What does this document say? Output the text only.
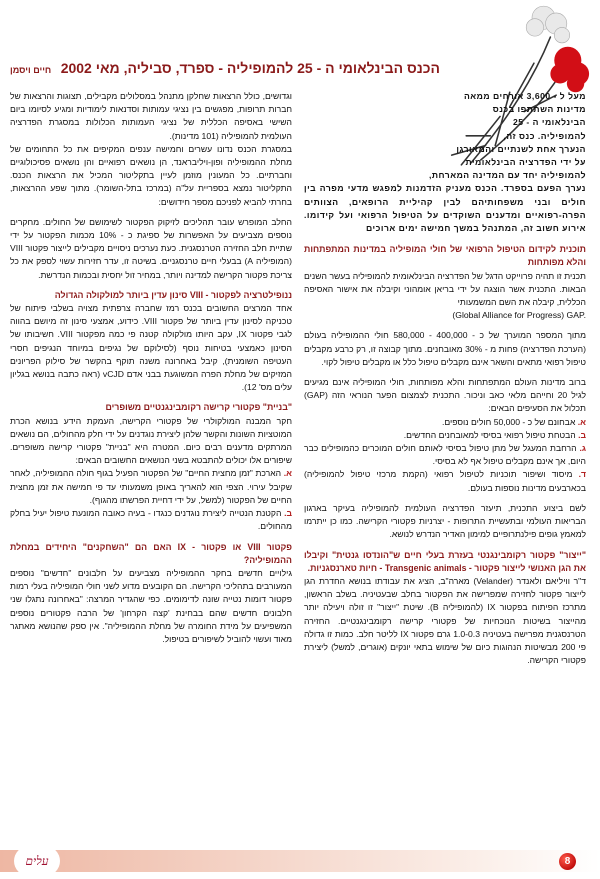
הכנס הבינלאומי ה - 25 להמופיליה - ספרד, סביליה, מאי 2002
חיים ויסמן
מעל ל - 3,600 אורחים ממאה
מדינות השתתפו בכנס
הבינלאומי ה - 25
להמופיליה. כנס זה,
הנערך אחת לשנתיים והמאורגן
על ידי הפדרציה הבינלאומית
להמופיליה יחד עם המדינה המארחת,

נערך הפעם בספרד. הכנס מעניק הזדמנות למפגש מדעי מפרה בין חולים ובני משפחותיהם לבין קהיליית הרופאים, הצוותים הפרה-רפואיים ומדענים השוקדים על הטיפול הרפואי ועל קידומו. אירוע חשוב זה, המתנהל במשך חמישה ימים ארוכים

תוכנית לקידום הטיפול הרפואי של חולי המופיליה במדינות המתפתחות והלא מפותחות

תכנית זו תהיה פרוייקט הדגל של הפדרציה הבינלאומית להמופיליה בעשר השנים הבאות. התכנית אשר הוצגה על ידי בריאן אומהוני וקיבלה את אישור האסיפה הכללית, קיבלה את השם המשמעותי

(Global Alliance for Progress) GAP.

מתוך המספר המוערך של כ - 400,000 - 580,000 חולי ההמופיליה בעולם (הערכת הפדרציה) פחות מ - 30% מאובחנים. מתוך קבוצה זו, רק כרבע מקבלים טיפול רפואי מתאים והשאר אינם מקבלים טיפול כלל או מקבלים טיפול לקוי.

ברוב מדינות העולם המתפתחות והלא מפותחות, חולי המופיליה אינם מגיעים לגיל 20 וחייהם מלאי כאב וניכור. התכנית לצמצום הפער הנוראי הזה (GAP) תכלול את הסעיפים הבאים:

א. אבחונם של כ - 50,000 חולים נוספים.
ב. הבטחת טיפול רפואי בסיסי למאובחנים החדשים.
ג. הרחבת המעגל של מתן טיפול בסיסי לאותם חולים המוכרים כהמופילים כבר היום, אך אינם מקבלים טיפול אף לא בסיסי.
ד. מיסוד ושיפור תוכניות לטיפול רפואי (הקמת מרכזי טיפול להמופיליה) בכארבעים מדינות נוספות בעולם.

לשם ביצוע התכנית, תיעזר הפדרציה העולמית להמופיליה בעיקר בארגון הבריאות העולמי ובתעשיית התרופות - יצרניות פקטורי הקרישה. כמו כן ייתרמו למאמץ גופים פילנתרופיים למימון האדיר הנדרש לנושא.

"ייצור" פקטור רקומבינגנטי בעזרת בעלי חיים ש"הונדסו גנטית" וקיבלו את הגן האנושי לייצור פקטור - Transgenic animals - חיות טארנסגניות.

ד"ר וויליאם ולאנדר (Velander) מארה"ב, הציג את עבודתו בנושא החדרת הגן לייצור פקטור לחזירה שמפרישה את הפקטור בחלב שבעטיניה. בשלב הראשון, מתרכז הפיתוח בפקטור IX (להמופיליה B). שיטת "ייצור" זו זולה ויעילה יותר מהייצור בשיטות הנוכחיות של פקטורי קרישה רקומבינגנטיים. החזירה הטרנסגנית מפרישה בעטיניה 1.0-0.3 גרם פקטור IX לליטר חלב. כמות זו גדולה פי 200 מבשיטות הנהוגות כיום של שימוש בתאי יונקים (אוגרים, למשל) ליצירת פקטורי הקרישה.

וגדושים, כולל הרצאות שחלקן מתנהל במסלולים מקבילים, תצוגות והרצאות של חברות תרופות, מפגשים בין נציגי עמותות וסדנאות לימודיות ומגיע לסיומו ביום השישי באסיפה הכללית של נציגי העמותות הכלולות במסגרת הפדרציה העולמית להמופיליה (101 מדינות).

במסגרת הכנס נדונו עשרים וחמישה ענפים המקיפים את כל התחומים של מחלת ההמופיליה ופון-ויליבראנד, הן נושאים רפואיים והן נושאים פסיכולוגיים וחברתיים. כל המעונין מוזמן לעיין בתקליטור המכיל את הרצאות הכנס. התקליטור נמצא בספריית על"ה (במרכז בתל-השומר). מתוך שפע ההרצאות, בחרתי להביא לפניכם מספר חידושים:

החלב המופרש עובר תהליכים לזיקוק הפקטור לשימושם של החולים. מחקרים נוספים מצביעים על האפשרות של ספיגת כ - 10% מכמות הפקטור על ידי שתיית חלב החזירה הטרנסגנית. כעת נערכים ניסויים מקבילים לייצור פקטור VIII (המופיליה A) בבעלי חיים טרנסגניים. בשיטה זו, עדר חזירות עשוי לספק את כל צריכת פקטור הקרישה למדינה ויותר, במחיר זול יחסית ובכמות הנדרשת.

ננופילטרציה לפקטור - VIII סינון עדין ביותר למולקולה הגדולה

אחד המרצים החשובים בכנס רמז שחברה צרפתית מצויה בשלבי פיתוח של טכניקה לסינון עדין ביותר של פקטור VIII. כידוע, אמצעי סינון זה מיושם בהווה לגבי פקטור IX, עקב היותו מולקולה קטנה פי כמה מפקטור VIII. חשיבותו של הסינון כאמצעי בטיחות נוסף (לסילוקם של נגיפים במיוחד הנגיפים חסרי העטיפה השומנית), קיבל באחרונה משנה תוקף בהקשר של סילוק הפריונים המזיקים של מחלת הפרה המשוגעת בבני אדם vCJD (ראה כתבה בנושא בגליון עלים מס' 12).

"בניית" פקטורי קרישה רקומבינגנטיים משופרים

חקר המבנה המולקולרי של פקטורי הקרישה, העמקת הידע בנושא הכרת המוטציות השונות והקשר שלהן ליצירת נוגדנים על ידי חלק מהחולים, הם נושאים המרתקים מדענים רבים כיום. המטרה היא "בניית" פקטורי קרישה משופרים. שיפורים אלו יכולים להתבטא בשני הנושאים החשובים הבאים:

א. הארכת "זמן מחצית החיים" של הפקטור הפעיל בגוף חולה ההמופיליה, לאחר שקיבל עירוי. הצפי הוא להאריך באופן משמעותי עד פי חמישה את זמן מחצית החיים של הפקטור (למשל, על ידי דחיית הפרשתו מהגוף).
ב. הקטנת הנטייה ליצירת נוגדנים כנגדו - בעיה כאובה המונעת טיפול יעיל בחלק מהחולים.
פקטור VIII או פקטור - IX האם הם "השחקנים" היחידים במחלת ההמופיליה?

גילויים חדשים בחקר ההמופיליה מצביעים על חלבונים "חדשים" נוספים המעורבים בתהליכי הקרישה. הם הקובעים מדוע לשני חולי המופיליה בעלי רמות פקטור דומות נטייה שונה לדימומים. כפי שהגדיר המרצה: "באחרונה נתגלו שני חלבונים חדשים שהם בבחינת 'קצה הקרחון' של הרבה פקטורים נוספים המשפיעים על מידת החומרה של מחלת ההמופיליה". אין ספק שהנושא מאתגר מאוד ועשוי להוביל לשיפורים בטיפול.

עלים	8
